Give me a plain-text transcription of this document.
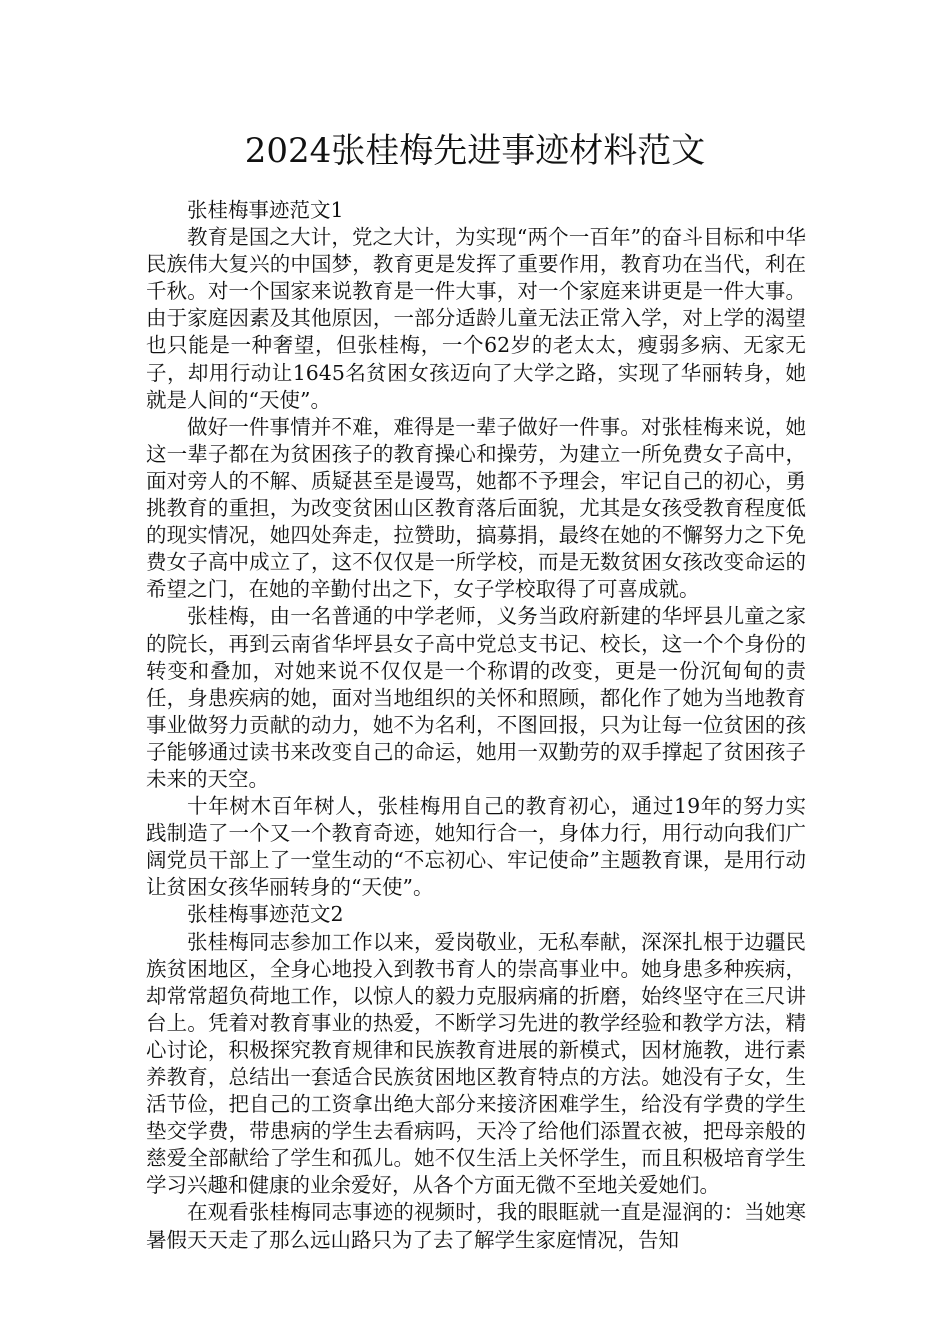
2024张桂梅先进事迹材料范文

张桂梅事迹范文1

教育是国之大计，党之大计，为实现“两个一百年”的奋斗目标和中华民族伟大复兴的中国梦，教育更是发挥了重要作用，教育功在当代，利在千秋。对一个国家来说教育是一件大事，对一个家庭来讲更是一件大事。由于家庭因素及其他原因，一部分适龄儿童无法正常入学，对上学的渴望也只能是一种奢望，但张桂梅，一个62岁的老太太，瘦弱多病、无家无子，却用行动让1645名贫困女孩迈向了大学之路，实现了华丽转身，她就是人间的“天使”。

做好一件事情并不难，难得是一辈子做好一件事。对张桂梅来说，她这一辈子都在为贫困孩子的教育操心和操劳，为建立一所免费女子高中，面对旁人的不解、质疑甚至是谩骂，她都不予理会，牢记自己的初心，勇挑教育的重担，为改变贫困山区教育落后面貌，尤其是女孩受教育程度低的现实情况，她四处奔走，拉赞助，搞募捐，最终在她的不懈努力之下免费女子高中成立了，这不仅仅是一所学校，而是无数贫困女孩改变命运的希望之门，在她的辛勤付出之下，女子学校取得了可喜成就。

张桂梅，由一名普通的中学老师，义务当政府新建的华坪县儿童之家的院长，再到云南省华坪县女子高中党总支书记、校长，这一个个身份的转变和叠加，对她来说不仅仅是一个称谓的改变，更是一份沉甸甸的责任，身患疾病的她，面对当地组织的关怀和照顾，都化作了她为当地教育事业做努力贡献的动力，她不为名利，不图回报，只为让每一位贫困的孩子能够通过读书来改变自己的命运，她用一双勤劳的双手撑起了贫困孩子未来的天空。

十年树木百年树人，张桂梅用自己的教育初心，通过19年的努力实践制造了一个又一个教育奇迹，她知行合一，身体力行，用行动向我们广阔党员干部上了一堂生动的“不忘初心、牢记使命”主题教育课，是用行动让贫困女孩华丽转身的“天使”。

张桂梅事迹范文2

张桂梅同志参加工作以来，爱岗敬业，无私奉献，深深扎根于边疆民族贫困地区，全身心地投入到教书育人的崇高事业中。她身患多种疾病，却常常超负荷地工作，以惊人的毅力克服病痛的折磨，始终坚守在三尺讲台上。凭着对教育事业的热爱，不断学习先进的教学经验和教学方法，精心讨论，积极探究教育规律和民族教育进展的新模式，因材施教，进行素养教育，总结出一套适合民族贫困地区教育特点的方法。她没有子女，生活节俭，把自己的工资拿出绝大部分来接济困难学生，给没有学费的学生垫交学费，带患病的学生去看病吗，天冷了给他们添置衣被，把母亲般的慈爱全部献给了学生和孤儿。她不仅生活上关怀学生，而且积极培育学生学习兴趣和健康的业余爱好，从各个方面无微不至地关爱她们。

在观看张桂梅同志事迹的视频时，我的眼眶就一直是湿润的：当她寒暑假天天走了那么远山路只为了去了解学生家庭情况，告知
